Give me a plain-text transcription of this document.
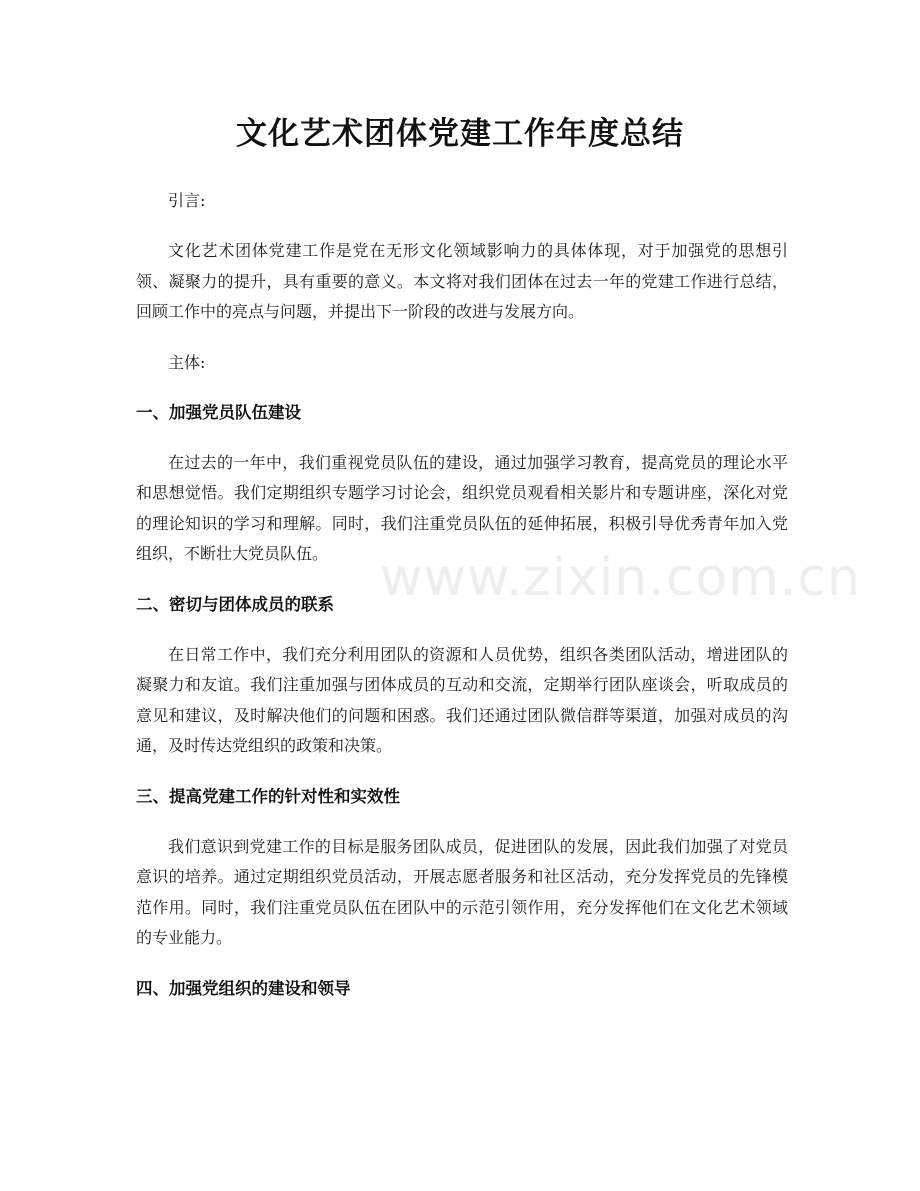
文化艺术团体党建工作年度总结

引言:

文化艺术团体党建工作是党在无形文化领域影响力的具体体现，对于加强党的思想引领、凝聚力的提升，具有重要的意义。本文将对我们团体在过去一年的党建工作进行总结，回顾工作中的亮点与问题，并提出下一阶段的改进与发展方向。

主体:

一、加强党员队伍建设

在过去的一年中，我们重视党员队伍的建设，通过加强学习教育，提高党员的理论水平和思想觉悟。我们定期组织专题学习讨论会，组织党员观看相关影片和专题讲座，深化对党的理论知识的学习和理解。同时，我们注重党员队伍的延伸拓展，积极引导优秀青年加入党组织，不断壮大党员队伍。

二、密切与团体成员的联系

在日常工作中，我们充分利用团队的资源和人员优势，组织各类团队活动，增进团队的凝聚力和友谊。我们注重加强与团体成员的互动和交流，定期举行团队座谈会，听取成员的意见和建议，及时解决他们的问题和困惑。我们还通过团队微信群等渠道，加强对成员的沟通，及时传达党组织的政策和决策。

三、提高党建工作的针对性和实效性

我们意识到党建工作的目标是服务团队成员，促进团队的发展，因此我们加强了对党员意识的培养。通过定期组织党员活动，开展志愿者服务和社区活动，充分发挥党员的先锋模范作用。同时，我们注重党员队伍在团队中的示范引领作用，充分发挥他们在文化艺术领域的专业能力。

四、加强党组织的建设和领导
www.zixin.com.cn
